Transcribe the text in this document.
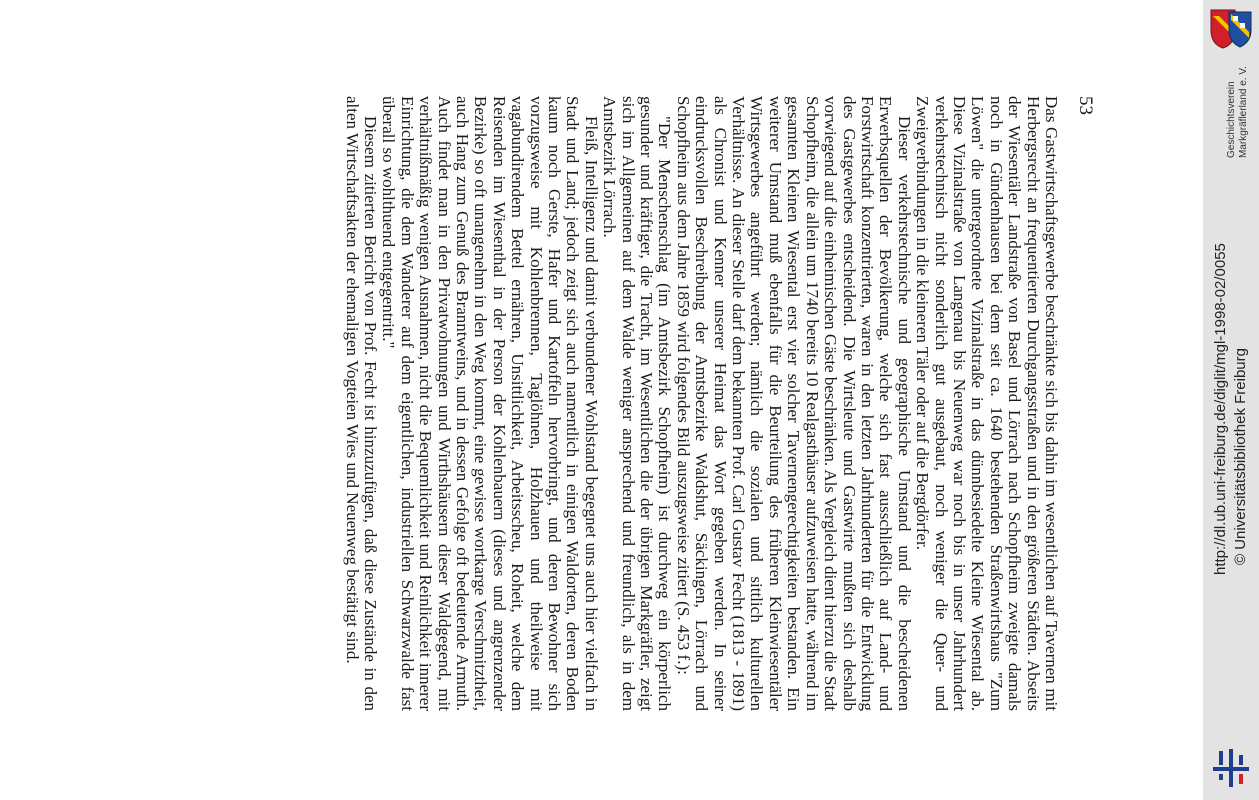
53

Das Gastwirtschaftsgewerbe beschränkte sich bis dahin im wesentlichen auf Tavernen mit Herbergsrecht an frequentierten Durchgangsstraßen und in den größeren Städten. Abseits der Wiesentäler Landstraße von Basel und Lörrach nach Schopfheim zweigte damals noch in Gündenhausen bei dem seit ca. 1640 bestehenden Straßenwirtshaus "Zum Löwen" die untergeordnete Vizinalstraße in das dünnbesiedelte Kleine Wiesental ab. Diese Vizinalstraße von Langenau bis Neuenweg war noch bis in unser Jahrhundert verkehrstechnisch nicht sonderlich gut ausgebaut, noch weniger die Quer- und Zweigverbindungen in die kleineren Täler oder auf die Bergdörfer.

Dieser verkehrstechnische und geographische Umstand und die bescheidenen Erwerbsquellen der Bevölkerung, welche sich fast ausschließlich auf Land- und Forstwirtschaft konzentrierten, waren in den letzten Jahrhunderten für die Entwicklung des Gastgewerbes entscheidend. Die Wirtsleute und Gastwirte mußten sich deshalb vorwiegend auf die einheimischen Gäste beschränken. Als Vergleich dient hierzu die Stadt Schopfheim, die allein um 1740 bereits 10 Realgasthäuser aufzuweisen hatte, während im gesamten Kleinen Wiesental erst vier solcher Tavernengerechtigkeiten bestanden. Ein weiterer Umstand muß ebenfalls für die Beurteilung des früheren Kleinwiesentäler Wirtsgewerbes angeführt werden; nämlich die sozialen und sittlich kulturellen Verhältnisse. An dieser Stelle darf dem bekannten Prof. Carl Gustav Fecht (1813 - 1891) als Chronist und Kenner unserer Heimat das Wort gegeben werden. In seiner eindrucksvollen Beschreibung der Amtsbezirke Waldshut, Säckingen, Lörrach und Schopfheim aus dem Jahre 1859 wird folgendes Bild auszugsweise zitiert (S. 453 f.):

"Der Menschenschlag (im Amtsbezirk Schopfheim) ist durchweg ein körperlich gesunder und kräftiger, die Tracht, im Wesentlichen die der übrigen Markgräfler, zeigt sich im Allgemeinen auf dem Walde weniger ansprechend und freundlich, als in dem Amtsbezirk Lörrach.

Fleiß, Intelligenz und damit verbundener Wohlstand begegnet uns auch hier vielfach in Stadt und Land; jedoch zeigt sich auch namentlich in einigen Waldorten, deren Boden kaum noch Gerste, Hafer und Kartoffeln hervorbringt, und deren Bewohner sich vorzugsweise mit Kohlenbrennen, Taglöhnen, Holzhauen und theilweise mit vagabundirendem Bettel ernähren, Unsittlichkeit, Arbeitsscheu, Roheit, welche dem Reisenden im Wiesenthal in der Person der Kohlenbauern (dieses und angrenzender Bezirke) so oft unangenehm in den Weg kommt, eine gewisse wortkarge Verschmitztheit, auch Hang zum Genuß des Branntweins, und in dessen Gefolge oft bedeutende Armuth. Auch findet man in den Privatwohnungen und Wirthshäusern dieser Waldgegend, mit verhältnißmäßig wenigen Ausnahmen, nicht die Bequemlichkeit und Reinlichkeit innerer Einrichtung, die dem Wanderer auf dem eigentlichen, industriellen Schwarzwalde fast überall so wohlthuend entgegentritt."

Diesem zitierten Bericht von Prof. Fecht ist hinzuzufügen, daß diese Zustände in den alten Wirtschaftsakten der ehemaligen Vogteien Wies und Neuenweg bestätigt sind.	Geschichtsverein Markgräflerland e. V.
http://dl.ub.uni-freiburg.de/diglit/mgl-1998-02/0055 © Universitätsbibliothek Freiburg
